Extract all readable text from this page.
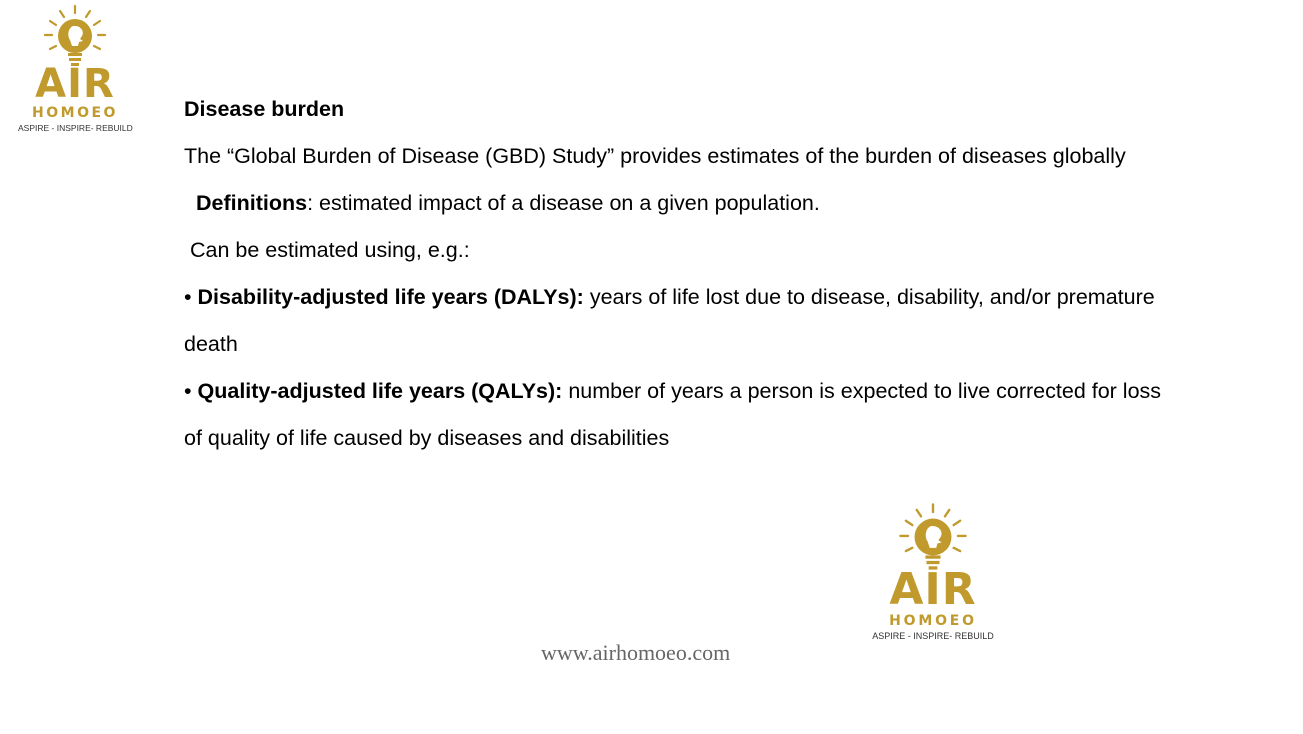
AIR
HOMOEO
ASPIRE - INSPIRE- REBUILD
Disease burden
The “Global Burden of Disease (GBD) Study” provides estimates of the burden of diseases globally
Definitions: estimated impact of a disease on a given population.
Can be estimated using, e.g.:
• Disability-adjusted life years (DALYs): years of life lost due to disease, disability, and/or premature
death
• Quality-adjusted life years (QALYs): number of years a person is expected to live corrected for loss
of quality of life caused by diseases and disabilities
AIR
HOMOEO
ASPIRE - INSPIRE- REBUILD
www.airhomoeo.com
